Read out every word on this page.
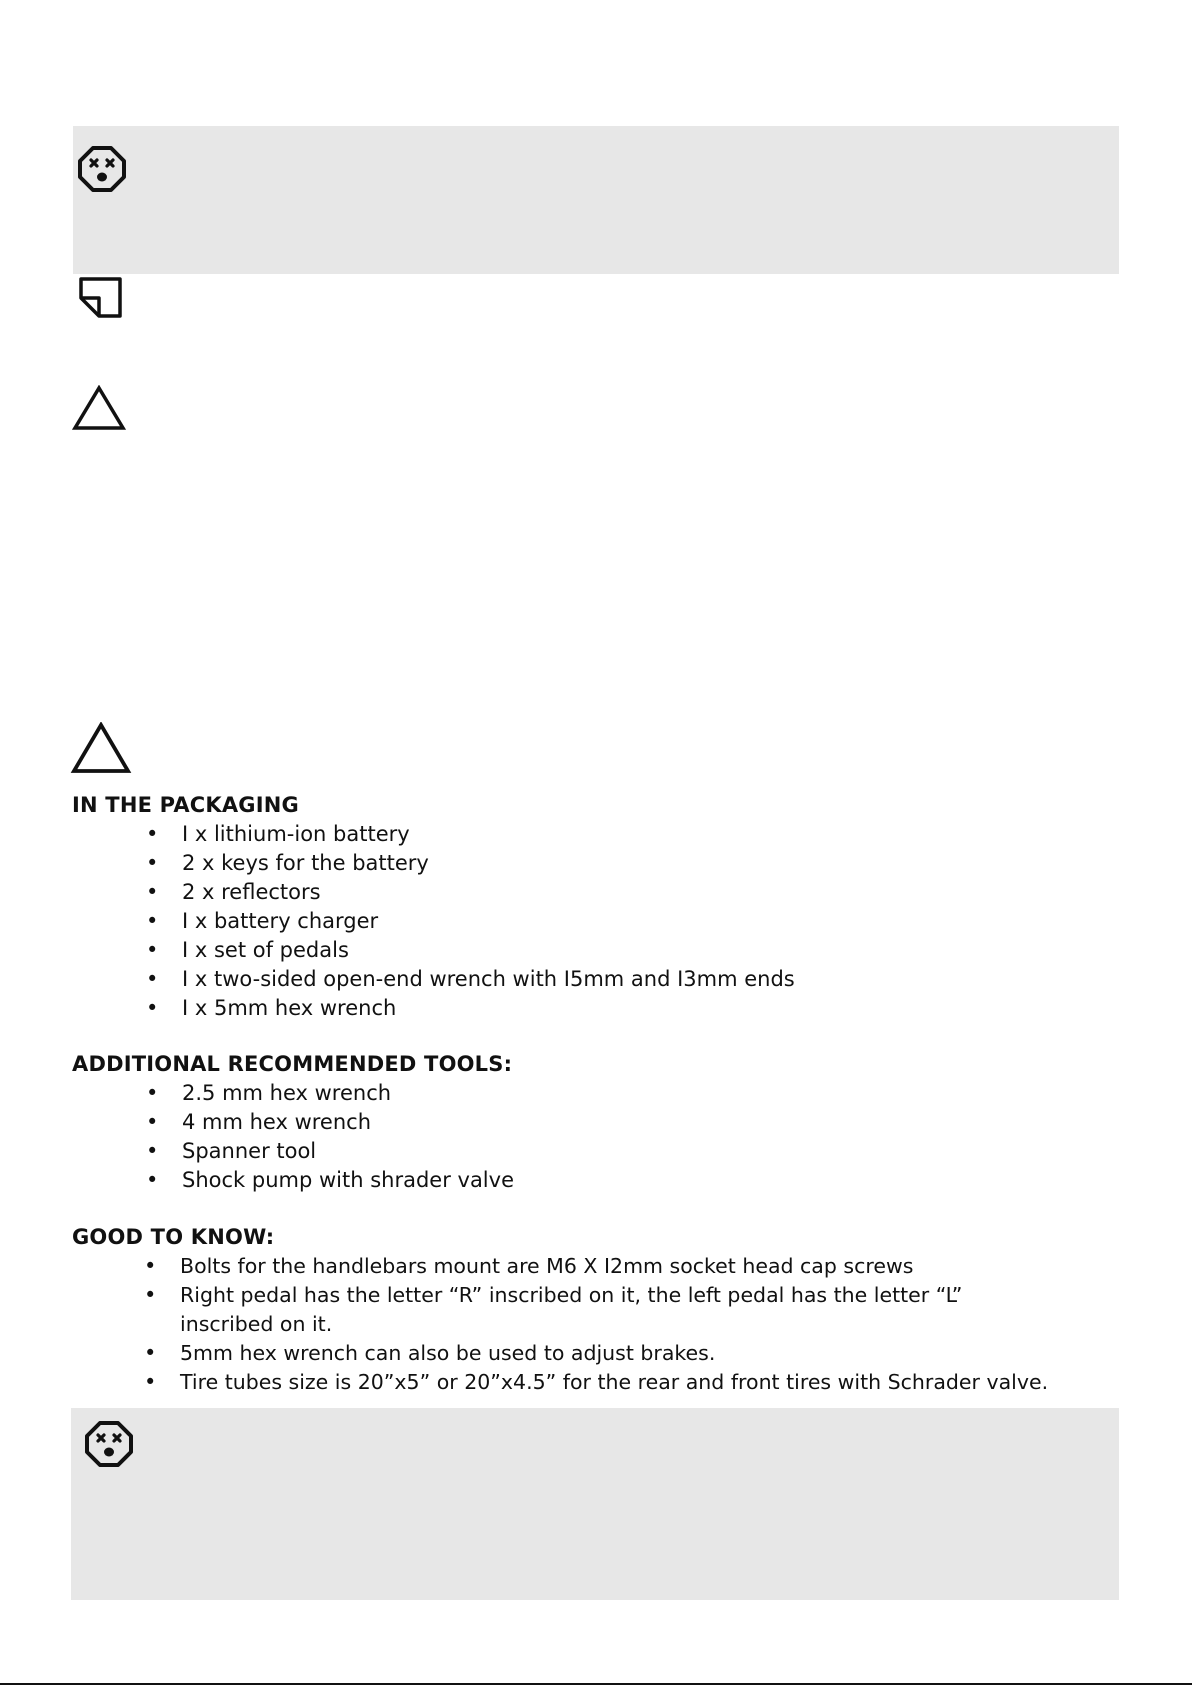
IN THE PACKAGING
• I x lithium-ion battery
• 2 x keys for the battery
• 2 x reflectors
• I x battery charger
• I x set of pedals
• I x two-sided open-end wrench with I5mm and I3mm ends
• I x 5mm hex wrench
ADDITIONAL RECOMMENDED TOOLS:
• 2.5 mm hex wrench
• 4 mm hex wrench
• Spanner tool
• Shock pump with shrader valve
GOOD TO KNOW:
• Bolts for the handlebars mount are M6 X I2mm socket head cap screws
• Right pedal has the letter “R” inscribed on it, the left pedal has the letter “L” inscribed on it.
• 5mm hex wrench can also be used to adjust brakes.
• Tire tubes size is 20”x5” or 20”x4.5” for the rear and front tires with Schrader valve.
